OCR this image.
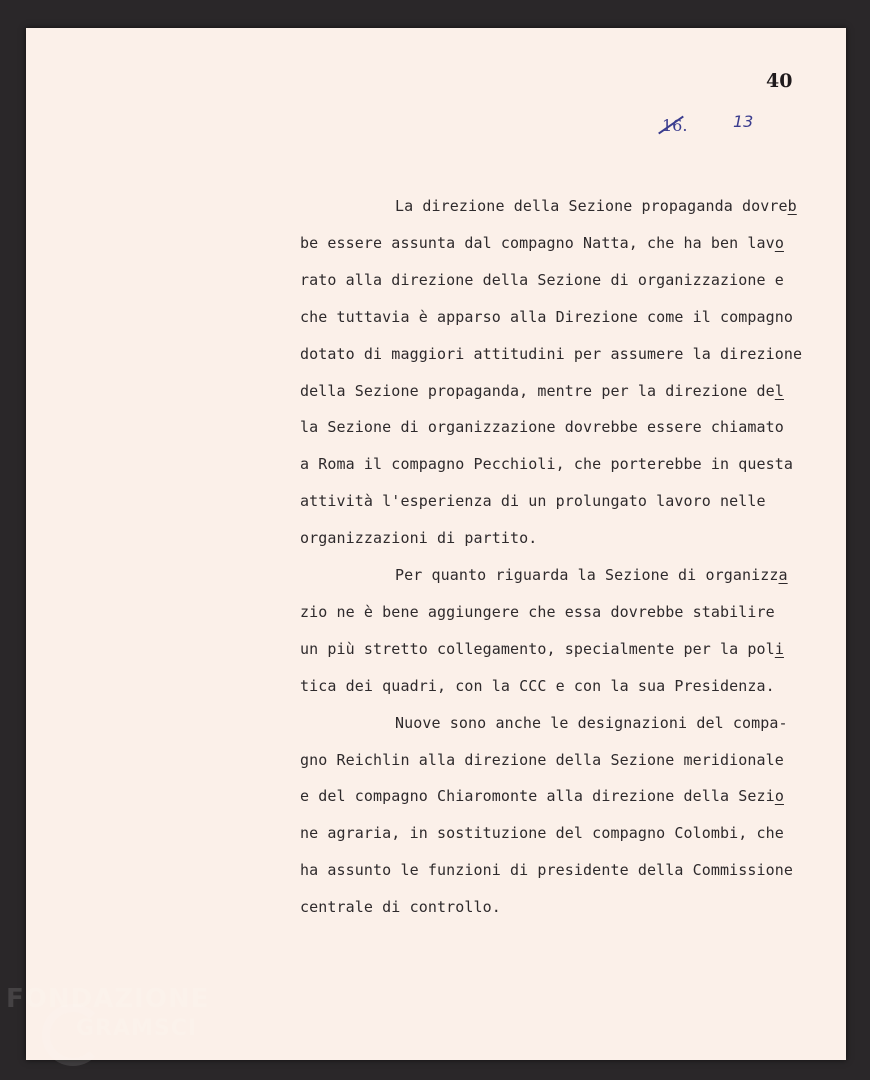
40
16.	13
La direzione della Sezione propaganda dovreb
be essere assunta dal compagno Natta, che ha ben lavo
rato alla direzione della Sezione di organizzazione e
che tuttavia è apparso alla Direzione come il compagno
dotato di maggiori attitudini per assumere la direzione
della Sezione propaganda, mentre per la direzione del
la Sezione di organizzazione dovrebbe essere chiamato
a Roma il compagno Pecchioli, che porterebbe in questa
attività l'esperienza di un prolungato lavoro nelle
organizzazioni di partito.
Per quanto riguarda la Sezione di organizza
zio ne è bene aggiungere che essa dovrebbe stabilire
un più stretto collegamento, specialmente per la poli
tica dei quadri, con la CCC e con la sua Presidenza.
Nuove sono anche le designazioni del compa-
gno Reichlin alla direzione della Sezione meridionale
e del compagno Chiaromonte alla direzione della Sezio
ne agraria, in sostituzione del compagno Colombi, che
ha assunto le funzioni di presidente della Commissione
centrale di controllo.
FONDAZIONE
GRAMSCI
